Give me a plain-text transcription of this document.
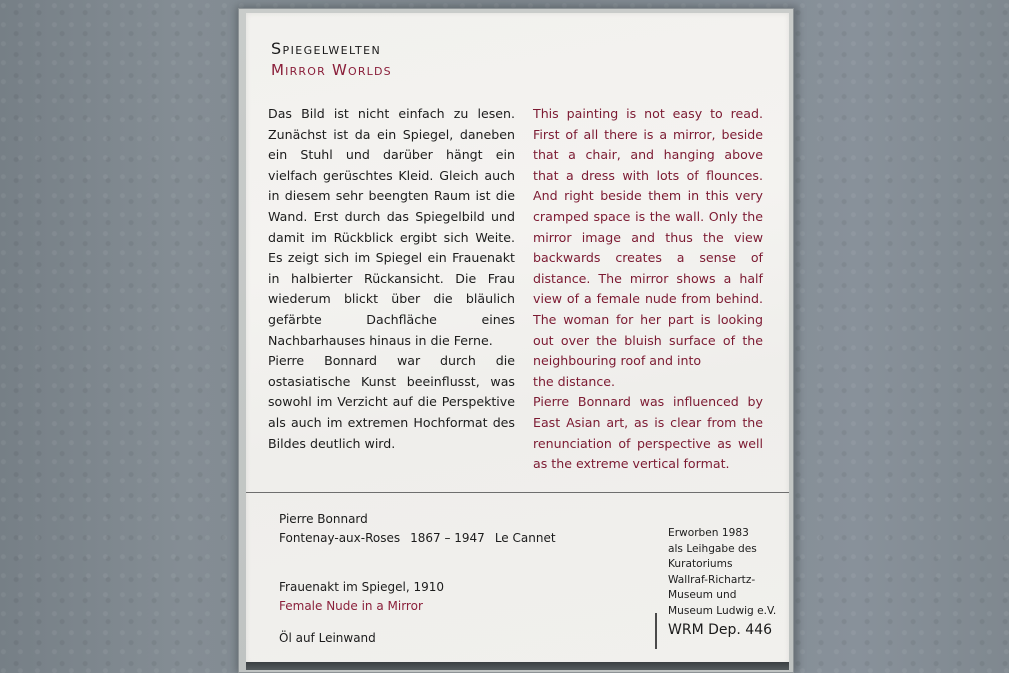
Spiegelwelten
Mirror Worlds

Das Bild ist nicht einfach zu lesen. Zunächst ist da ein Spiegel, daneben ein Stuhl und darüber hängt ein vielfach gerüschtes Kleid. Gleich auch in diesem sehr beengten Raum ist die Wand. Erst durch das Spiegelbild und damit im Rückblick ergibt sich Weite. Es zeigt sich im Spiegel ein Frauenakt in halbierter Rückansicht. Die Frau wiederum blickt über die bläulich gefärbte Dachfläche eines Nachbarhauses hinaus in die Ferne.

Pierre Bonnard war durch die ostasiatische Kunst beeinflusst, was sowohl im Verzicht auf die Perspektive als auch im extremen Hochformat des Bildes deutlich wird.

This painting is not easy to read. First of all there is a mirror, beside that a chair, and hanging above that a dress with lots of flounces. And right beside them in this very cramped space is the wall. Only the mirror image and thus the view backwards creates a sense of distance. The mirror shows a half view of a female nude from behind. The woman for her part is looking out over the bluish surface of the neighbouring roof and into

the distance.

Pierre Bonnard was influenced by East Asian art, as is clear from the renunciation of perspective as well as the extreme vertical format.

Pierre Bonnard
Fontenay-aux-Roses 1867 – 1947 Le Cannet
Frauenakt im Spiegel, 1910
Female Nude in a Mirror
Öl auf Leinwand
Erworben 1983
als Leihgabe des
Kuratoriums
Wallraf-Richartz-
Museum und
Museum Ludwig e.V.
WRM Dep. 446
